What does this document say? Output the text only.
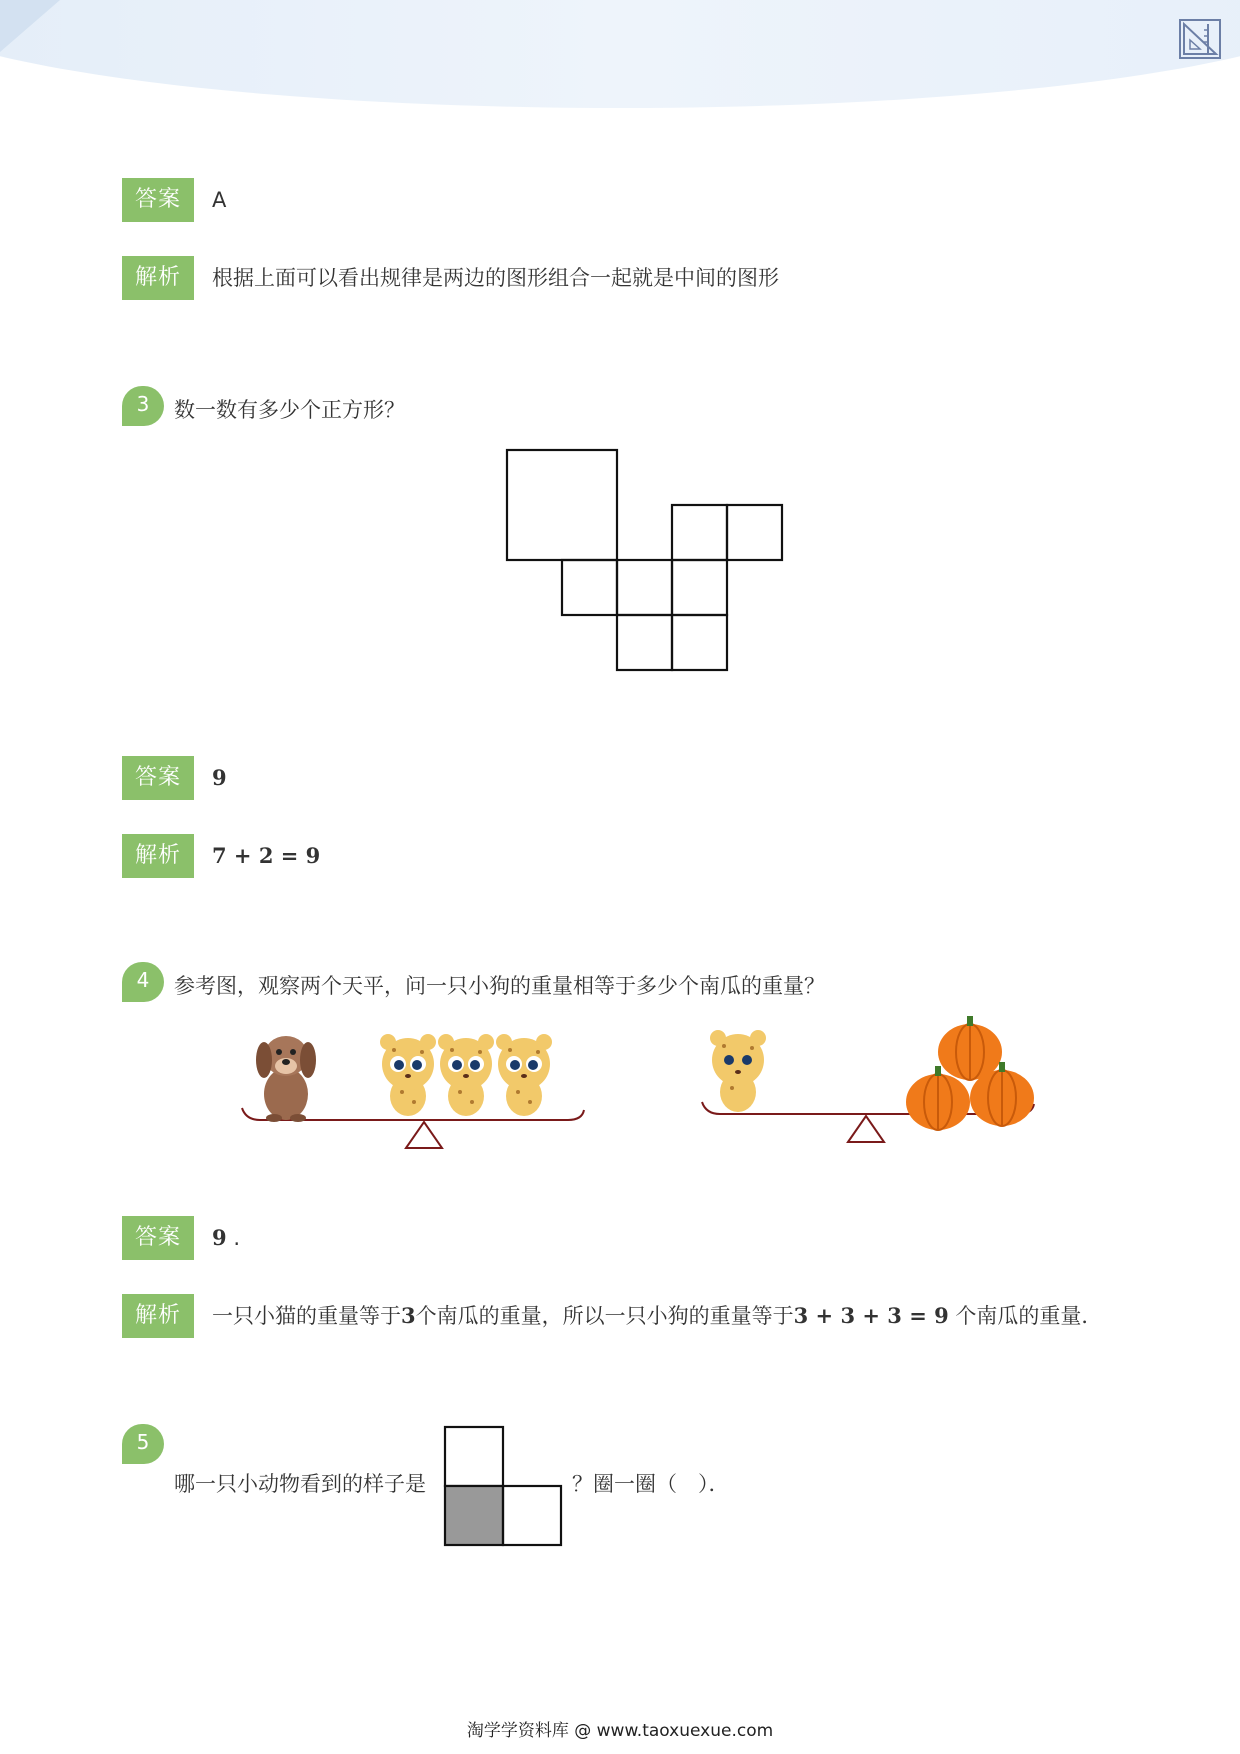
答案	A
解析	根据上面可以看出规律是两边的图形组合一起就是中间的图形
3	数一数有多少个正方形？
答案	9
解析	7 + 2 = 9
4	参考图，观察两个天平，问一只小狗的重量相等于多少个南瓜的重量？
答案	9 .
解析	一只小猫的重量等于3个南瓜的重量，所以一只小狗的重量等于3 + 3 + 3 = 9 个南瓜的重量．
5
哪一只小动物看到的样子是	？圈一圈（　）．
淘学学资料库 @ www.taoxuexue.com
